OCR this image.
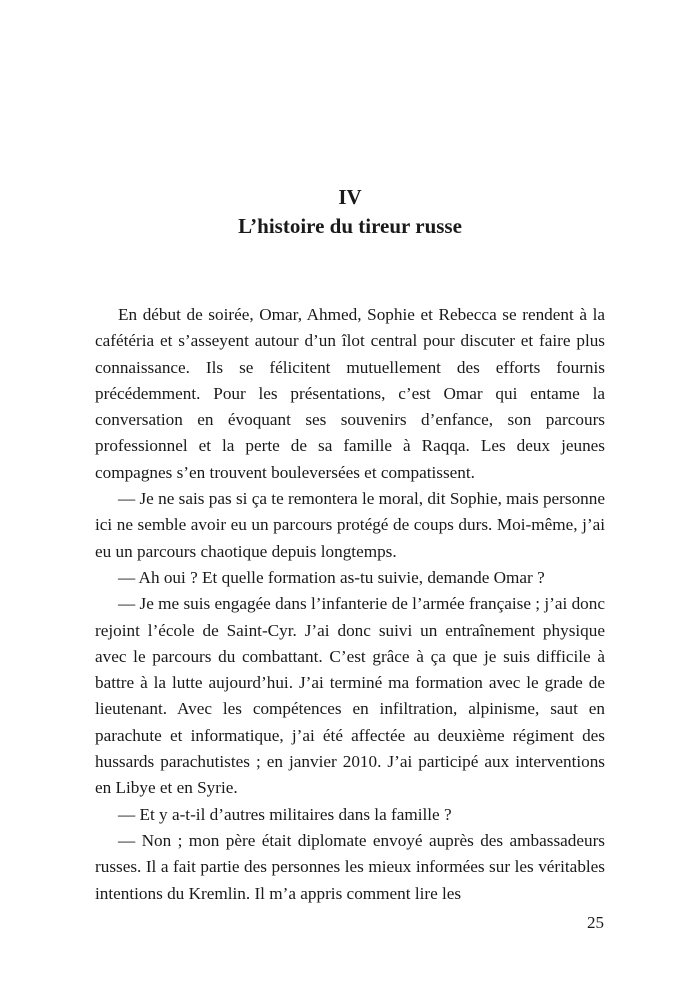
IV
L’histoire du tireur russe

En début de soirée, Omar, Ahmed, Sophie et Rebecca se rendent à la cafétéria et s’asseyent autour d’un îlot central pour discuter et faire plus connaissance. Ils se félicitent mutuellement des efforts fournis précédemment. Pour les présentations, c’est Omar qui entame la conversation en évoquant ses souvenirs d’enfance, son parcours professionnel et la perte de sa famille à Raqqa. Les deux jeunes compagnes s’en trouvent bouleversées et compatissent.

— Je ne sais pas si ça te remontera le moral, dit Sophie, mais personne ici ne semble avoir eu un parcours protégé de coups durs. Moi-même, j’ai eu un parcours chaotique depuis longtemps.

— Ah oui ? Et quelle formation as-tu suivie, demande Omar ?

— Je me suis engagée dans l’infanterie de l’armée française ; j’ai donc rejoint l’école de Saint-Cyr. J’ai donc suivi un entraînement physique avec le parcours du combattant. C’est grâce à ça que je suis difficile à battre à la lutte aujourd’hui. J’ai terminé ma formation avec le grade de lieutenant. Avec les compétences en infiltration, alpinisme, saut en parachute et informatique, j’ai été affectée au deuxième régiment des hussards parachutistes ; en janvier 2010. J’ai participé aux interventions en Libye et en Syrie.

— Et y a-t-il d’autres militaires dans la famille ?

— Non ; mon père était diplomate envoyé auprès des ambassadeurs russes. Il a fait partie des personnes les mieux informées sur les véritables intentions du Kremlin. Il m’a appris comment lire les

25
